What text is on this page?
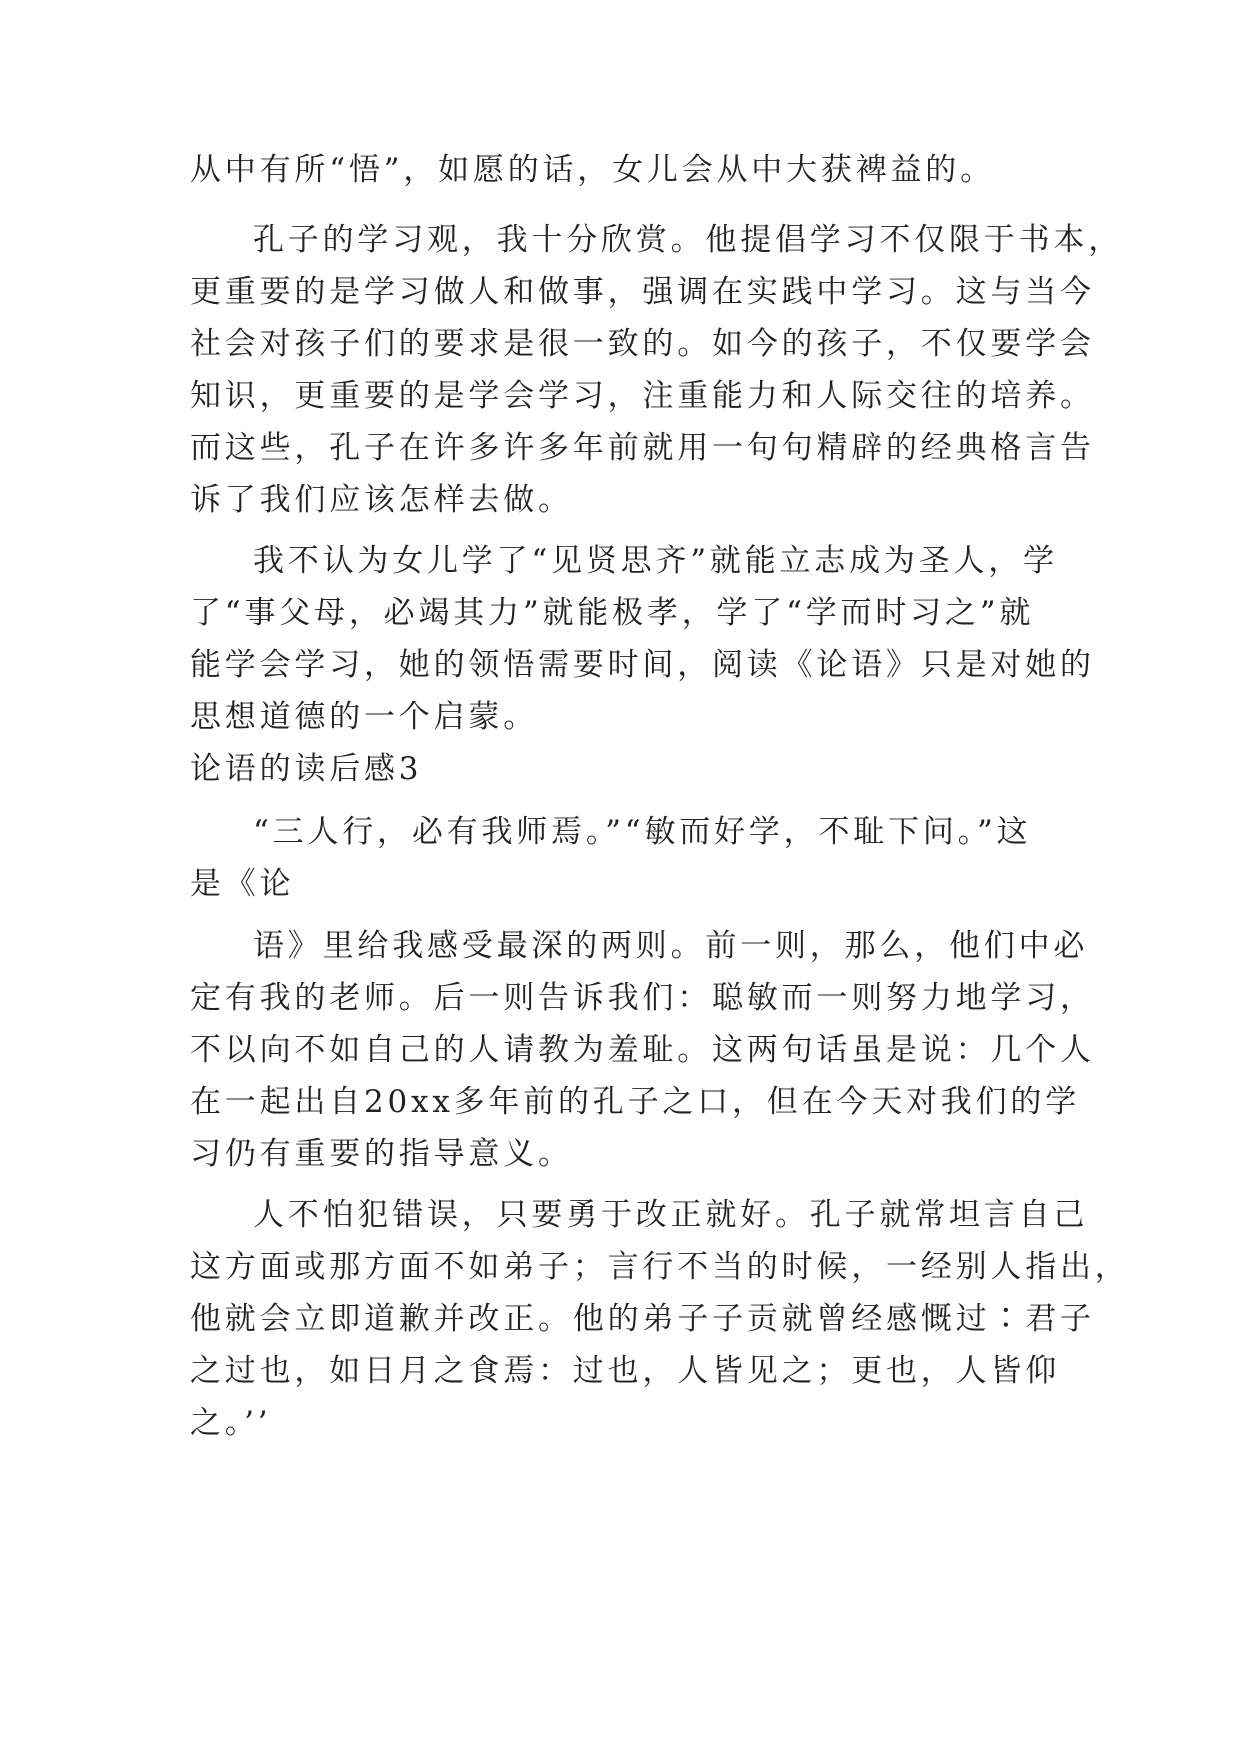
从中有所“悟”，如愿的话，女儿会从中大获裨益的。
孔子的学习观，我十分欣赏。他提倡学习不仅限于书本，
更重要的是学习做人和做事，强调在实践中学习。这与当今
社会对孩子们的要求是很一致的。如今的孩子，不仅要学会
知识，更重要的是学会学习，注重能力和人际交往的培养。
而这些，孔子在许多许多年前就用一句句精辟的经典格言告
诉了我们应该怎样去做。
我不认为女儿学了“见贤思齐”就能立志成为圣人，学
了“事父母，必竭其力”就能极孝，学了“学而时习之”就
能学会学习，她的领悟需要时间，阅读《论语》只是对她的
思想道德的一个启蒙。
论语的读后感3
“三人行，必有我师焉。”“敏而好学，不耻下问。”这
是《论
语》里给我感受最深的两则。前一则，那么，他们中必
定有我的老师。后一则告诉我们：聪敏而一则努力地学习，
不以向不如自己的人请教为羞耻。这两句话虽是说：几个人
在一起出自20xx多年前的孔子之口，但在今天对我们的学
习仍有重要的指导意义。
人不怕犯错误，只要勇于改正就好。孔子就常坦言自己
这方面或那方面不如弟子；言行不当的时候，一经别人指出，
他就会立即道歉并改正。他的弟子子贡就曾经感慨过∶君子
之过也，如日月之食焉：过也，人皆见之；更也，人皆仰
之。’’
